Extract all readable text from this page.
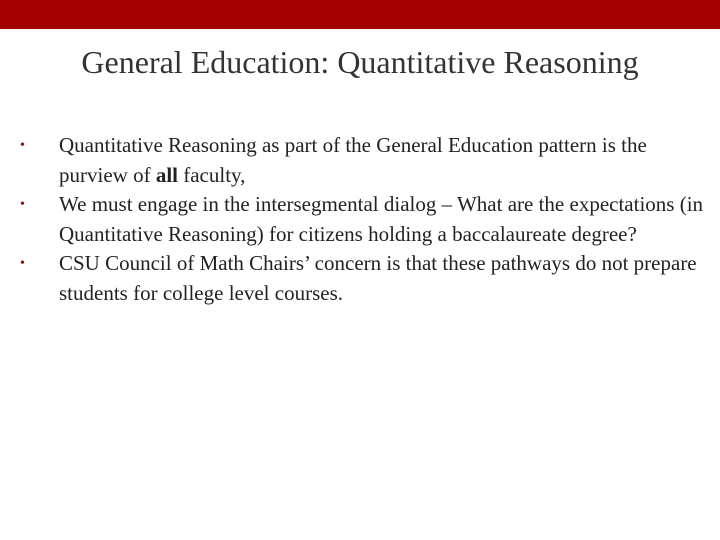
General Education: Quantitative Reasoning
•	Quantitative Reasoning as part of the General Education pattern is the purview of all faculty,
•	We must engage in the intersegmental dialog – What are the expectations (in Quantitative Reasoning) for citizens holding a baccalaureate degree?
•	CSU Council of Math Chairs’ concern is that these pathways do not prepare students for college level courses.
